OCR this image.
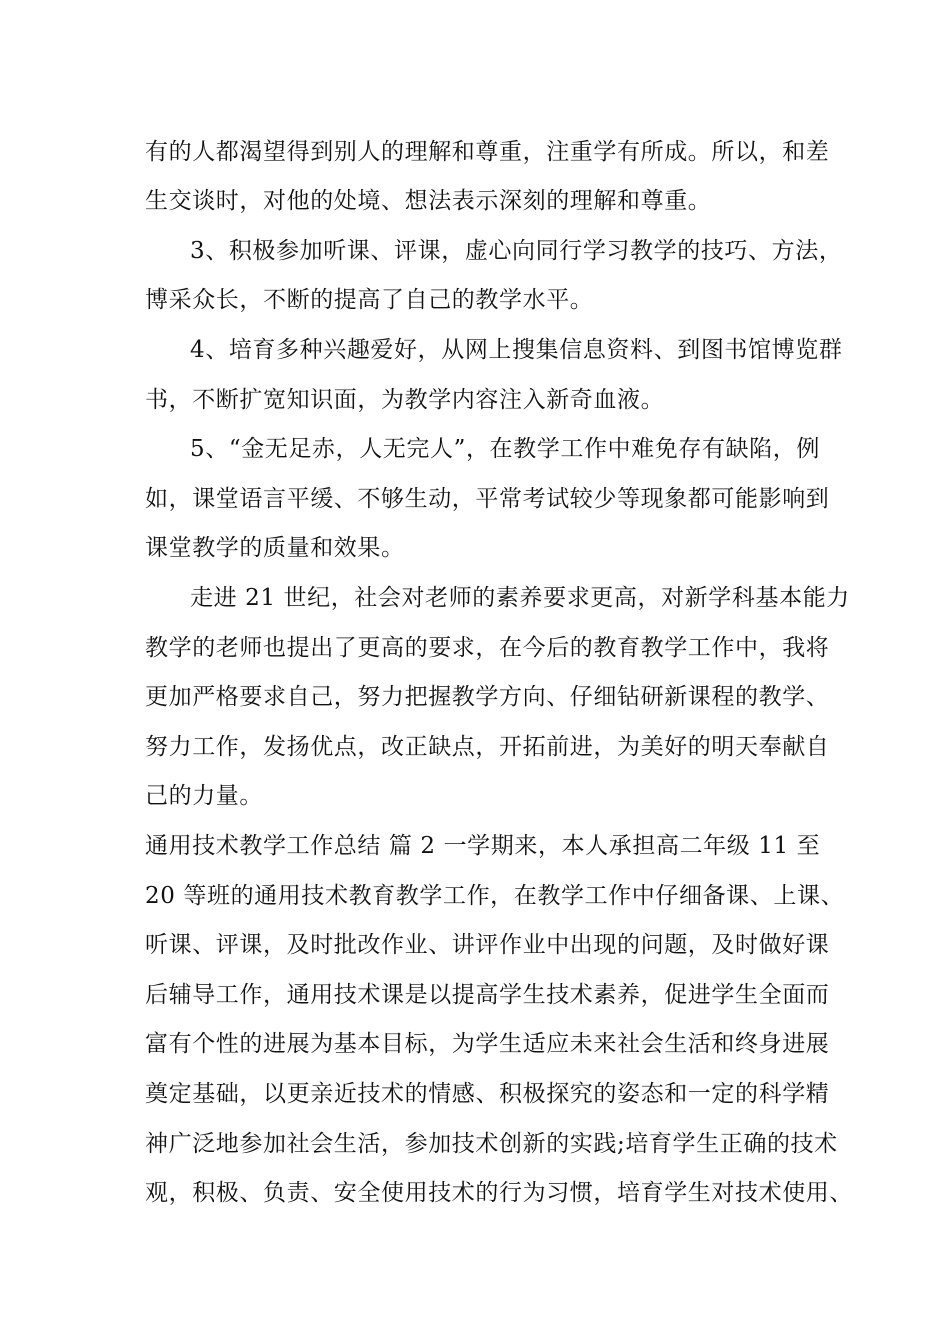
有的人都渴望得到别人的理解和尊重，注重学有所成。所以，和差
生交谈时，对他的处境、想法表示深刻的理解和尊重。
3、积极参加听课、评课，虚心向同行学习教学的技巧、方法，
博采众长，不断的提高了自己的教学水平。
4、培育多种兴趣爱好，从网上搜集信息资料、到图书馆博览群
书，不断扩宽知识面，为教学内容注入新奇血液。
5、“金无足赤，人无完人”，在教学工作中难免存有缺陷，例
如，课堂语言平缓、不够生动，平常考试较少等现象都可能影响到
课堂教学的质量和效果。
走进 21 世纪，社会对老师的素养要求更高，对新学科基本能力
教学的老师也提出了更高的要求，在今后的教育教学工作中，我将
更加严格要求自己，努力把握教学方向、仔细钻研新课程的教学、
努力工作，发扬优点，改正缺点，开拓前进，为美好的明天奉献自
己的力量。
通用技术教学工作总结 篇 2 一学期来，本人承担高二年级 11 至
20 等班的通用技术教育教学工作，在教学工作中仔细备课、上课、
听课、评课，及时批改作业、讲评作业中出现的问题，及时做好课
后辅导工作，通用技术课是以提高学生技术素养，促进学生全面而
富有个性的进展为基本目标，为学生适应未来社会生活和终身进展
奠定基础，以更亲近技术的情感、积极探究的姿态和一定的科学精
神广泛地参加社会生活，参加技术创新的实践;培育学生正确的技术
观，积极、负责、安全使用技术的行为习惯，培育学生对技术使用、
